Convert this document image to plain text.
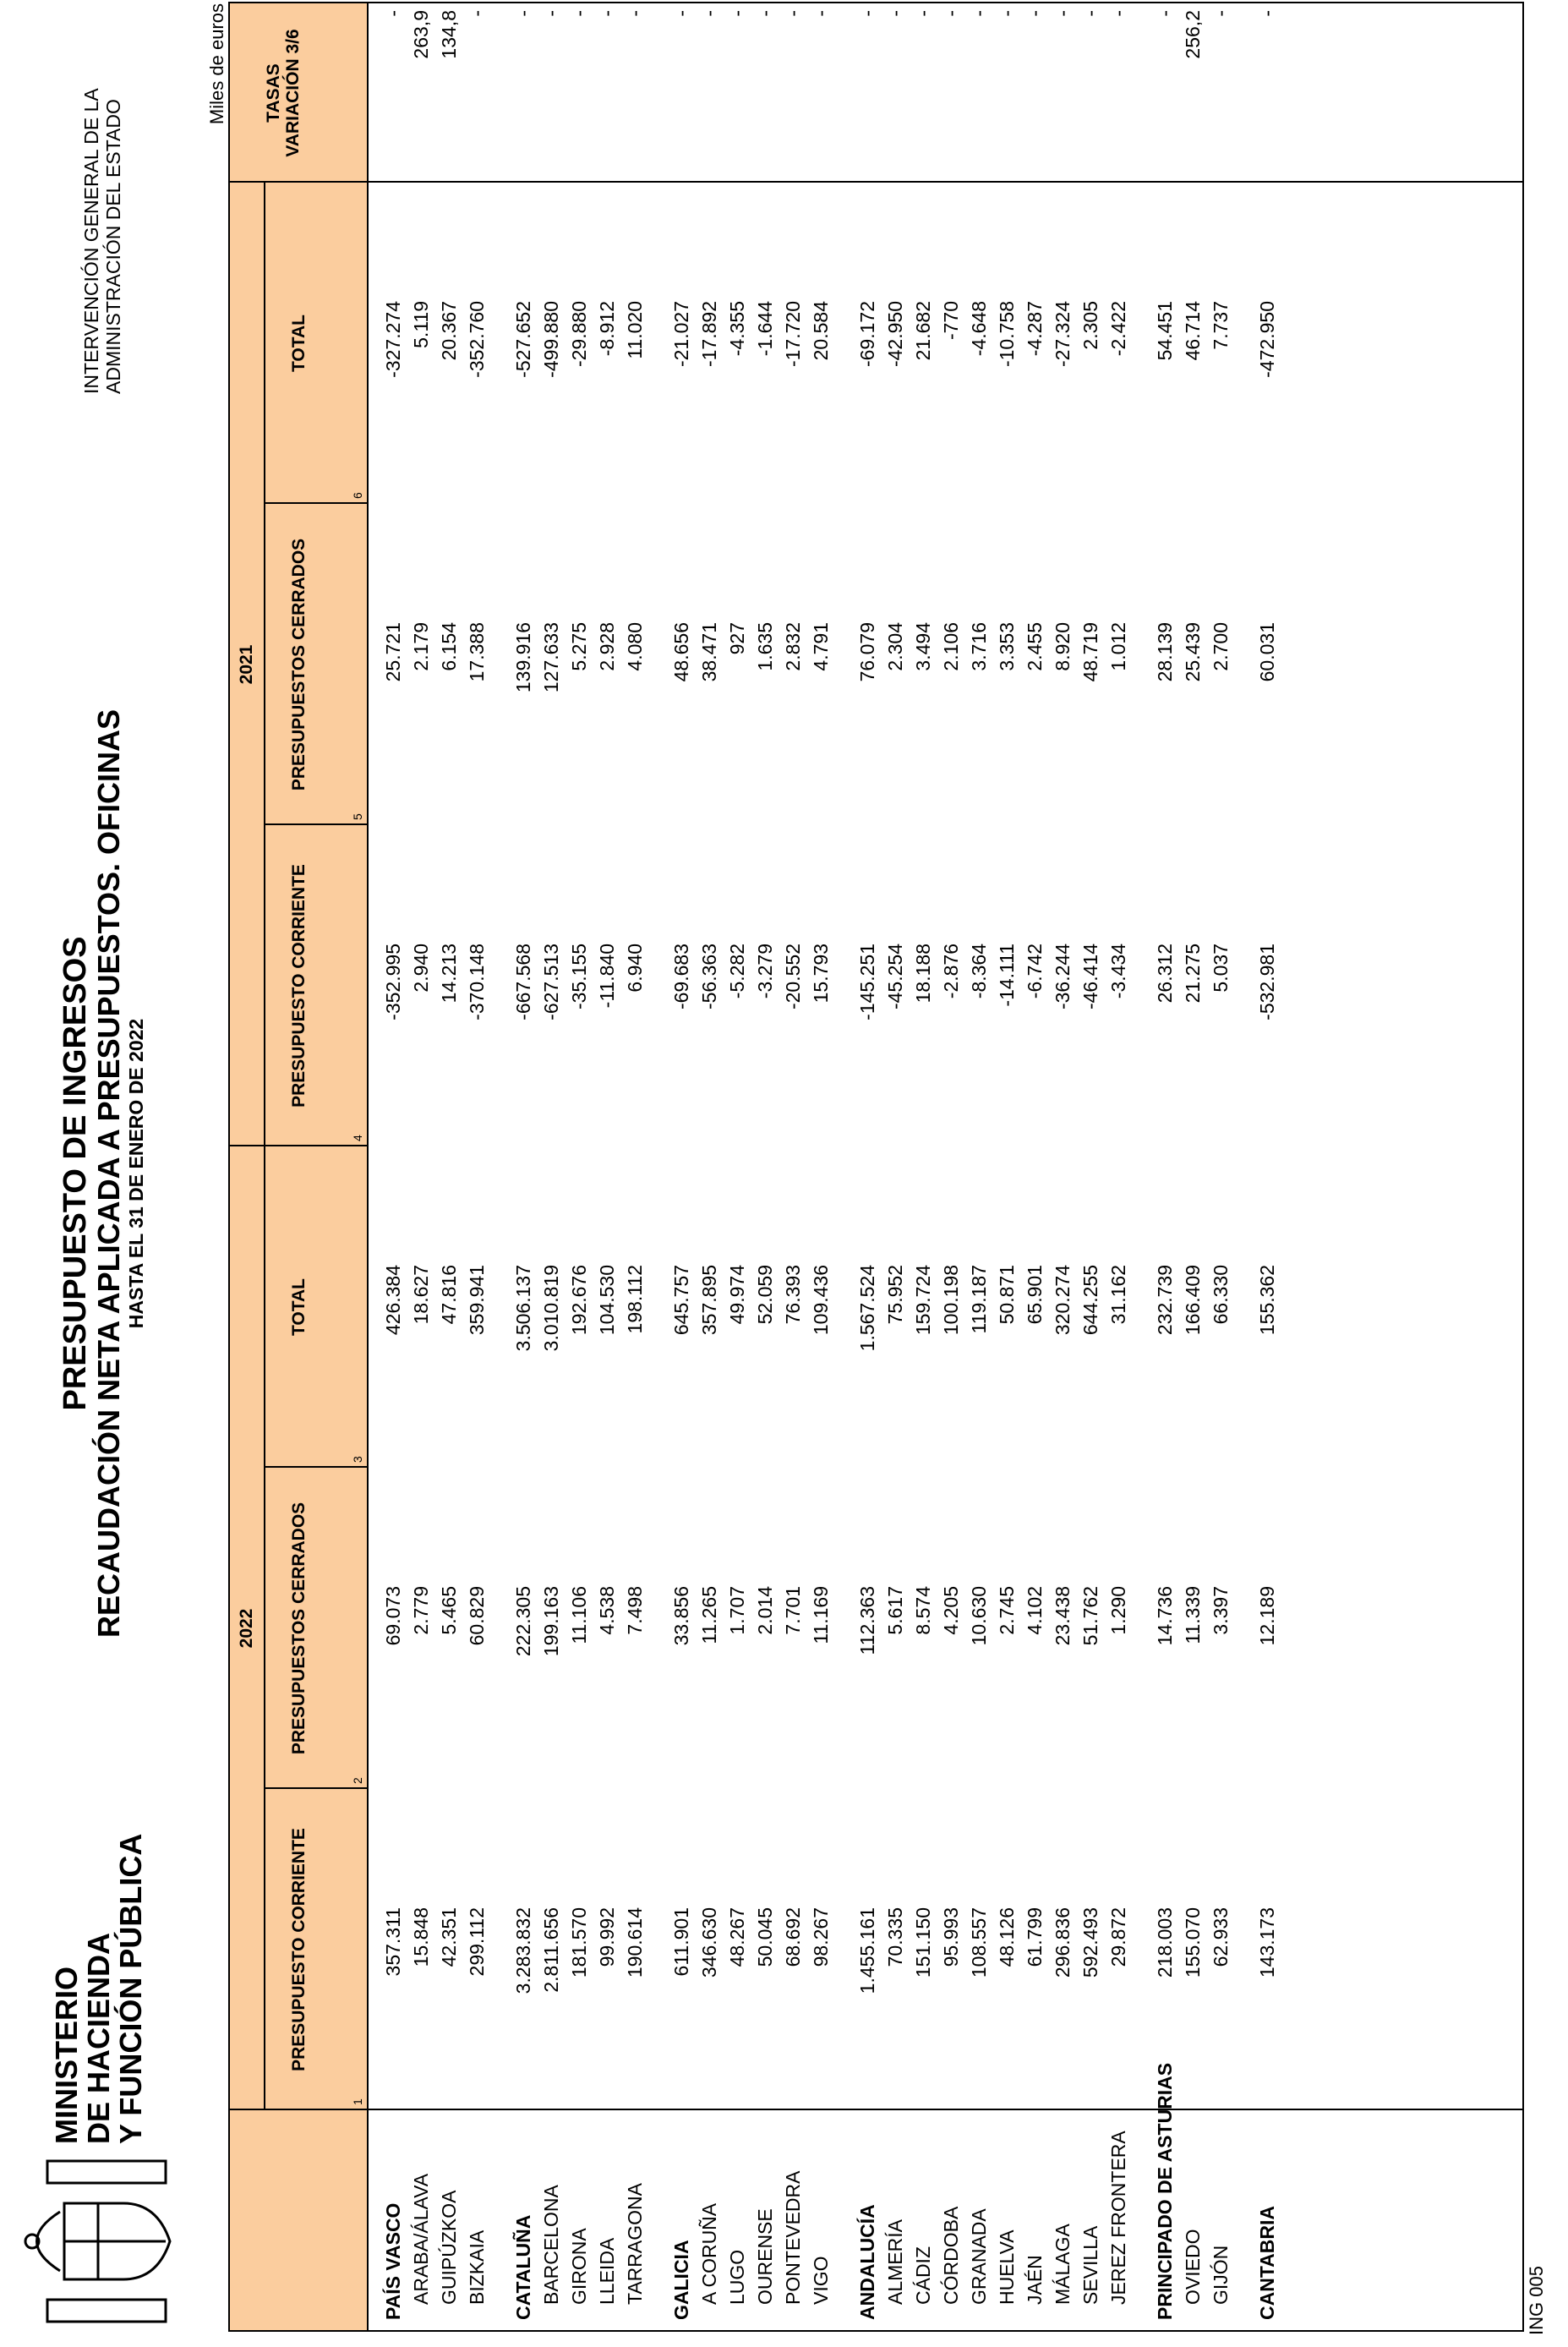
MINISTERIO
DE HACIENDA
Y FUNCIÓN PÚBLICA
PRESUPUESTO DE INGRESOS
RECAUDACIÓN NETA APLICADA A PRESUPUESTOS. OFICINAS HASTA EL 31 DE ENERO DE 2022
INTERVENCIÓN GENERAL DE LA ADMINISTRACIÓN DEL ESTADO
Miles de euros
2022
2021
PRESUPUESTO CORRIENTE
1
PRESUPUESTOS CERRADOS
2
TOTAL
3
PRESUPUESTO CORRIENTE
4
PRESUPUESTOS CERRADOS
5
TOTAL
6
TASAS VARIACIÓN 3/6
PAÍS VASCO
357.311
69.073
426.384
-352.995
25.721
-327.274
-
ARABA/ÁLAVA
15.848
2.779
18.627
2.940
2.179
5.119
263,9
GUIPÚZKOA
42.351
5.465
47.816
14.213
6.154
20.367
134,8
BIZKAIA
299.112
60.829
359.941
-370.148
17.388
-352.760
-
CATALUÑA
3.283.832
222.305
3.506.137
-667.568
139.916
-527.652
-
BARCELONA
2.811.656
199.163
3.010.819
-627.513
127.633
-499.880
-
GIRONA
181.570
11.106
192.676
-35.155
5.275
-29.880
-
LLEIDA
99.992
4.538
104.530
-11.840
2.928
-8.912
-
TARRAGONA
190.614
7.498
198.112
6.940
4.080
11.020
-
GALICIA
611.901
33.856
645.757
-69.683
48.656
-21.027
-
A CORUÑA
346.630
11.265
357.895
-56.363
38.471
-17.892
-
LUGO
48.267
1.707
49.974
-5.282
927
-4.355
-
OURENSE
50.045
2.014
52.059
-3.279
1.635
-1.644
-
PONTEVEDRA
68.692
7.701
76.393
-20.552
2.832
-17.720
-
VIGO
98.267
11.169
109.436
15.793
4.791
20.584
-
ANDALUCÍA
1.455.161
112.363
1.567.524
-145.251
76.079
-69.172
-
ALMERÍA
70.335
5.617
75.952
-45.254
2.304
-42.950
-
CÁDIZ
151.150
8.574
159.724
18.188
3.494
21.682
-
CÓRDOBA
95.993
4.205
100.198
-2.876
2.106
-770
-
GRANADA
108.557
10.630
119.187
-8.364
3.716
-4.648
-
HUELVA
48.126
2.745
50.871
-14.111
3.353
-10.758
-
JAÉN
61.799
4.102
65.901
-6.742
2.455
-4.287
-
MÁLAGA
296.836
23.438
320.274
-36.244
8.920
-27.324
-
SEVILLA
592.493
51.762
644.255
-46.414
48.719
2.305
-
JEREZ FRONTERA
29.872
1.290
31.162
-3.434
1.012
-2.422
-
PRINCIPADO DE ASTURIAS
218.003
14.736
232.739
26.312
28.139
54.451
-
OVIEDO
155.070
11.339
166.409
21.275
25.439
46.714
256,2
GIJÓN
62.933
3.397
66.330
5.037
2.700
7.737
-
CANTABRIA
143.173
12.189
155.362
-532.981
60.031
-472.950
-
ING 005
